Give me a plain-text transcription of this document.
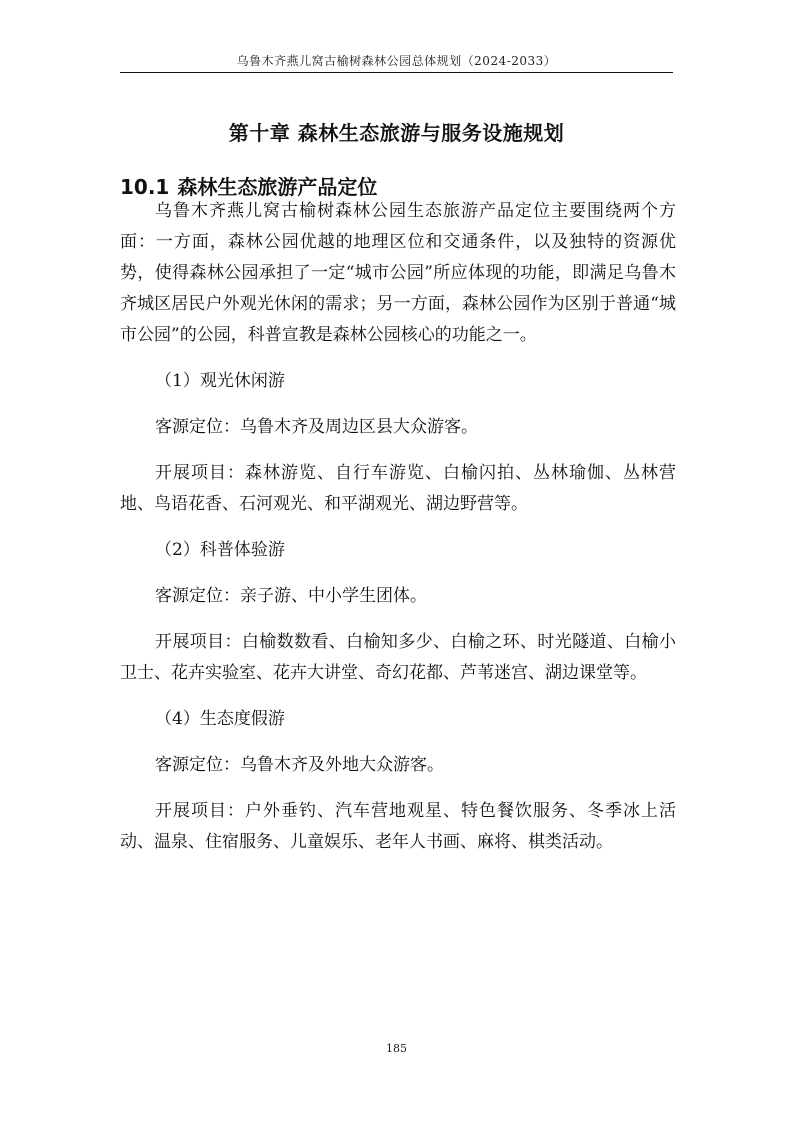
乌鲁木齐燕儿窝古榆树森林公园总体规划（2024-2033）
第十章 森林生态旅游与服务设施规划
10.1 森林生态旅游产品定位

乌鲁木齐燕儿窝古榆树森林公园生态旅游产品定位主要围绕两个方面：一方面，森林公园优越的地理区位和交通条件，以及独特的资源优势，使得森林公园承担了一定“城市公园”所应体现的功能，即满足乌鲁木齐城区居民户外观光休闲的需求；另一方面，森林公园作为区别于普通“城市公园”的公园，科普宣教是森林公园核心的功能之一。

（1）观光休闲游

客源定位：乌鲁木齐及周边区县大众游客。

开展项目：森林游览、自行车游览、白榆闪拍、丛林瑜伽、丛林营地、鸟语花香、石河观光、和平湖观光、湖边野营等。

（2）科普体验游

客源定位：亲子游、中小学生团体。

开展项目：白榆数数看、白榆知多少、白榆之环、时光隧道、白榆小卫士、花卉实验室、花卉大讲堂、奇幻花都、芦苇迷宫、湖边课堂等。

（4）生态度假游

客源定位：乌鲁木齐及外地大众游客。

开展项目：户外垂钓、汽车营地观星、特色餐饮服务、冬季冰上活动、温泉、住宿服务、儿童娱乐、老年人书画、麻将、棋类活动。

185
